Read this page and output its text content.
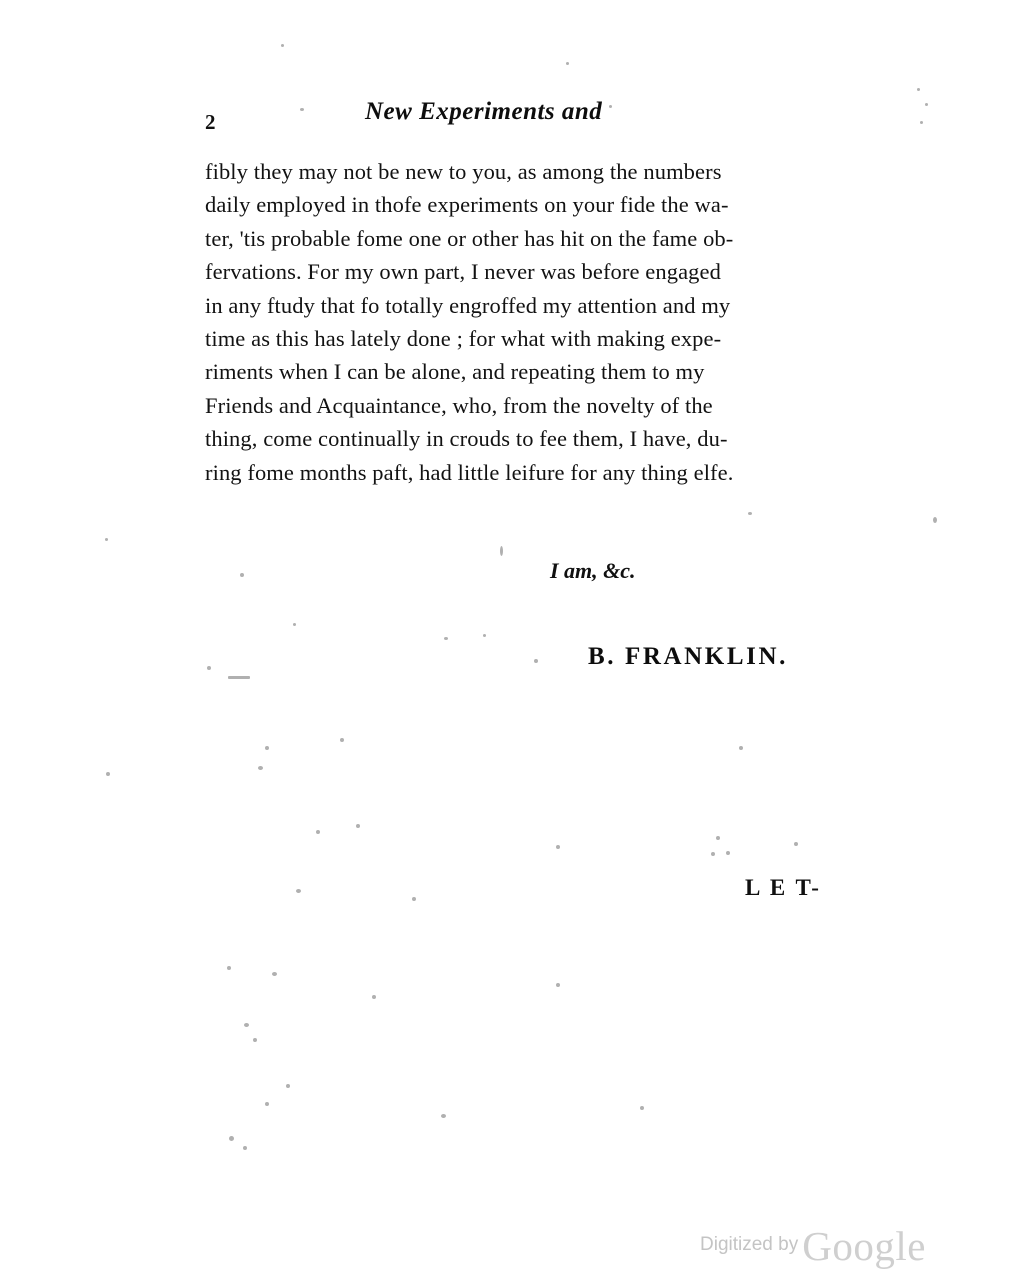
2	New Experiments and

fibly they may not be new to you, as among the numbers

daily employed in thofe experiments on your fide the wa-

ter, 'tis probable fome one or other has hit on the fame ob-

fervations. For my own part, I never was before engaged

in any ftudy that fo totally engroffed my attention and my

time as this has lately done ; for what with making expe-

riments when I can be alone, and repeating them to my

Friends and Acquaintance, who, from the novelty of the

thing, come continually in crouds to fee them, I have, du-

ring fome months paft, had little leifure for any thing elfe.

I am, &c.
B. FRANKLIN.
L E T-
Digitized by Google
